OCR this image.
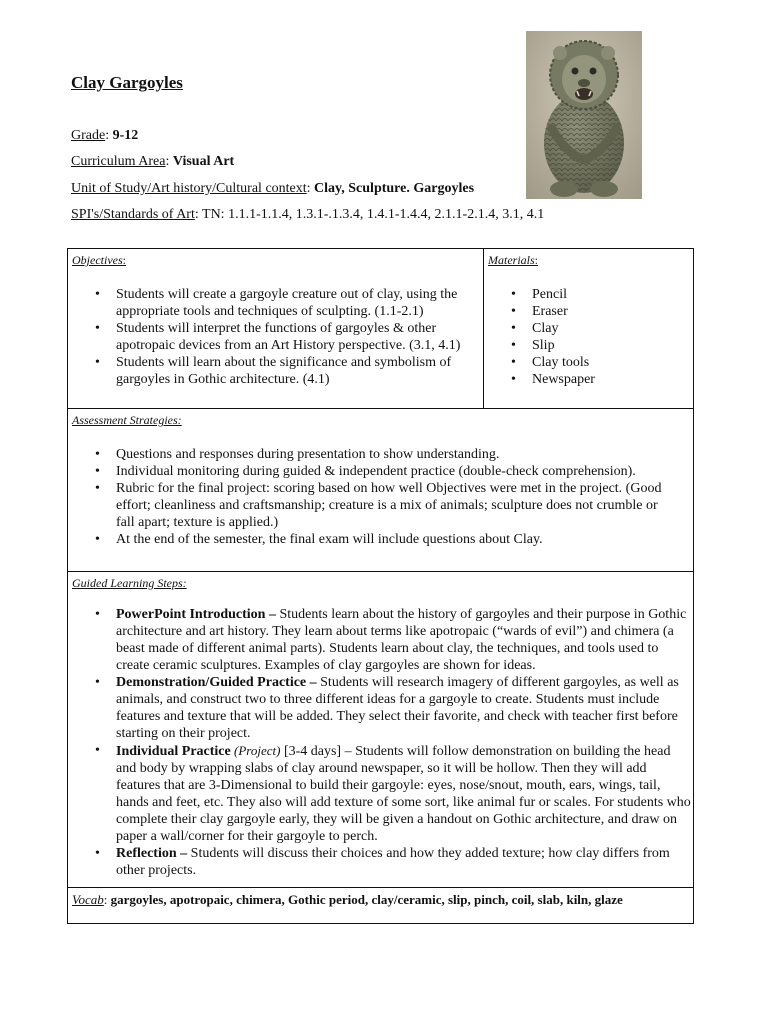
Clay Gargoyles
Grade: 9-12
Curriculum Area: Visual Art
Unit of Study/Art history/Cultural context: Clay, Sculpture. Gargoyles
SPI's/Standards of Art: TN: 1.1.1-1.1.4, 1.3.1-.1.3.4, 1.4.1-1.4.4, 2.1.1-2.1.4, 3.1, 4.1
Objectives:
• Students will create a gargoyle creature out of clay, using the appropriate tools and techniques of sculpting. (1.1-2.1)
• Students will interpret the functions of gargoyles & other apotropaic devices from an Art History perspective. (3.1, 4.1)
• Students will learn about the significance and symbolism of gargoyles in Gothic architecture. (4.1)
Materials:
• Pencil
• Eraser
• Clay
• Slip
• Clay tools
• Newspaper
Assessment Strategies:
• Questions and responses during presentation to show understanding.
• Individual monitoring during guided & independent practice (double-check comprehension).
• Rubric for the final project: scoring based on how well Objectives were met in the project. (Good effort; cleanliness and craftsmanship; creature is a mix of animals; sculpture does not crumble or fall apart; texture is applied.)
• At the end of the semester, the final exam will include questions about Clay.
Guided Learning Steps:
• PowerPoint Introduction – Students learn about the history of gargoyles and their purpose in Gothic architecture and art history. They learn about terms like apotropaic (“wards of evil”) and chimera (a beast made of different animal parts). Students learn about clay, the techniques, and tools used to create ceramic sculptures. Examples of clay gargoyles are shown for ideas.
• Demonstration/Guided Practice – Students will research imagery of different gargoyles, as well as animals, and construct two to three different ideas for a gargoyle to create. Students must include features and texture that will be added. They select their favorite, and check with teacher first before starting on their project.
• Individual Practice (Project) [3-4 days] – Students will follow demonstration on building the head and body by wrapping slabs of clay around newspaper, so it will be hollow. Then they will add features that are 3-Dimensional to build their gargoyle: eyes, nose/snout, mouth, ears, wings, tail, hands and feet, etc. They also will add texture of some sort, like animal fur or scales. For students who complete their clay gargoyle early, they will be given a handout on Gothic architecture, and draw on paper a wall/corner for their gargoyle to perch.
• Reflection – Students will discuss their choices and how they added texture; how clay differs from other projects.
Vocab: gargoyles, apotropaic, chimera, Gothic period, clay/ceramic, slip, pinch, coil, slab, kiln, glaze
